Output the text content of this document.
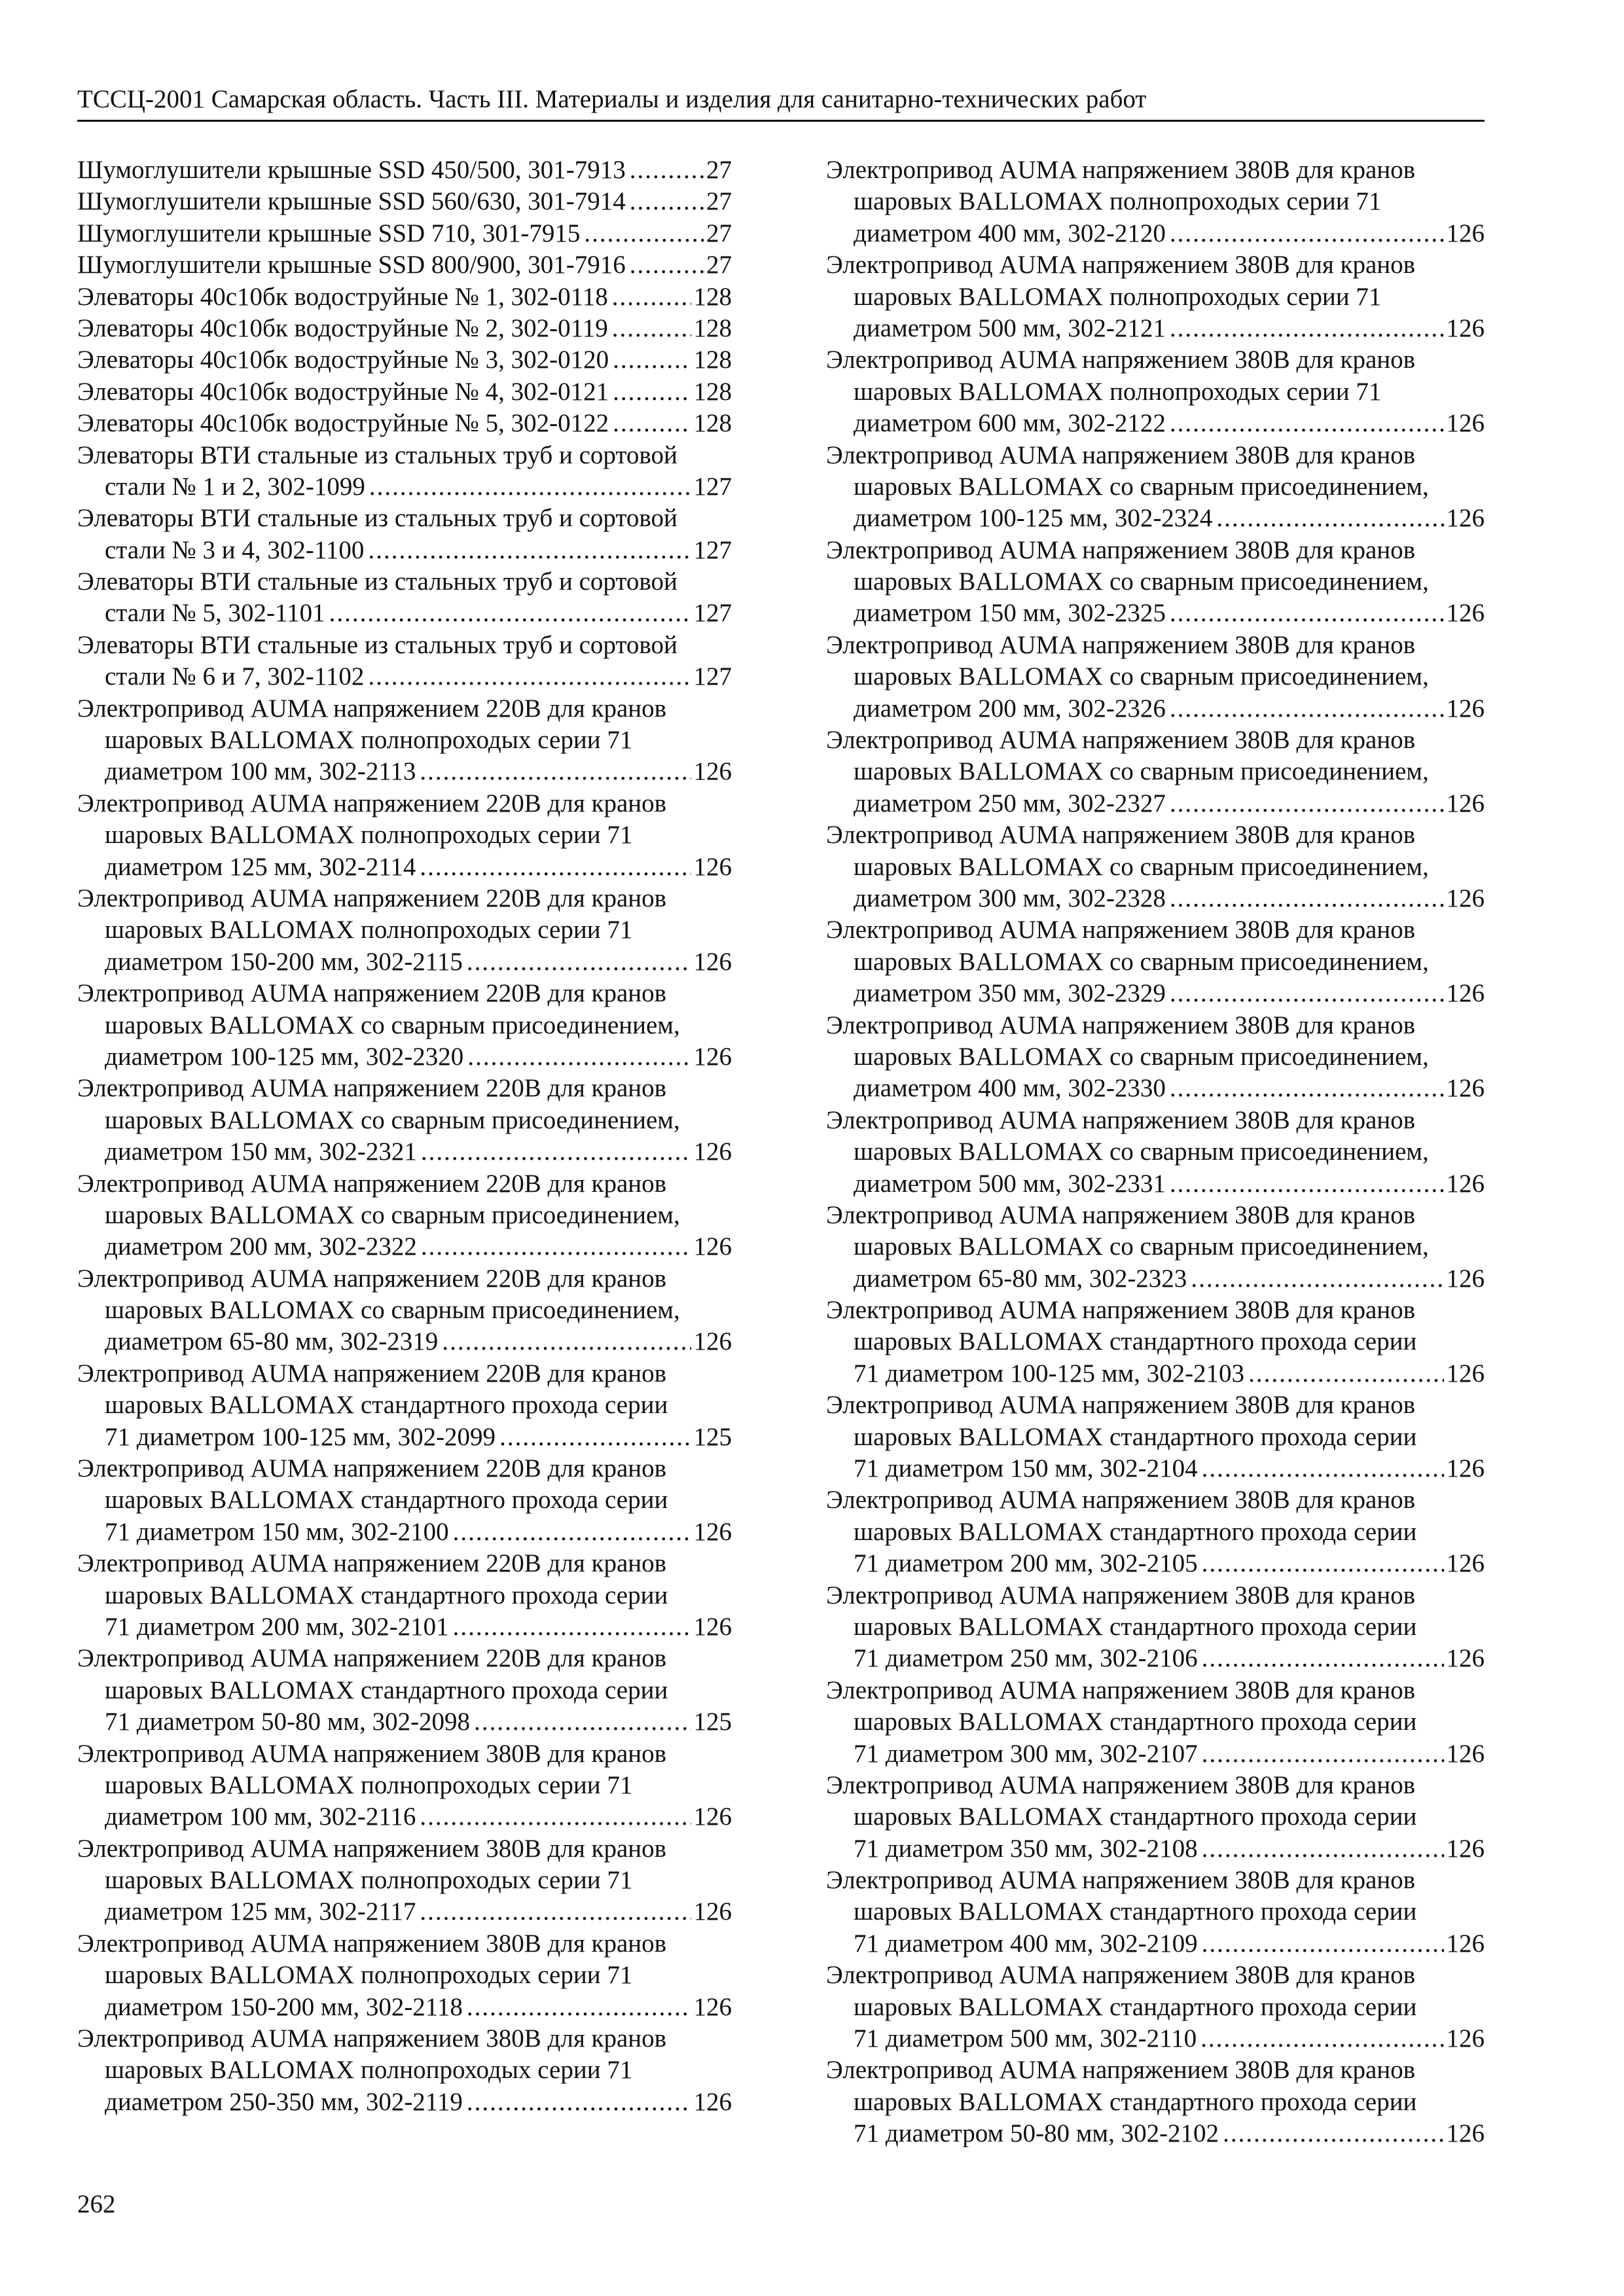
ТССЦ-2001 Самарская область. Часть III. Материалы и изделия для санитарно-технических работ
Шумоглушители крышные SSD 450/500, 301-7913 .....	27
Шумоглушители крышные SSD 560/630, 301-7914 .....	27
Шумоглушители крышные SSD 710, 301-7915 .....	27
Шумоглушители крышные SSD 800/900, 301-7916 .....	27
Элеваторы 40с10бк водоструйные № 1, 302-0118 .....	128
Элеваторы 40с10бк водоструйные № 2, 302-0119 .....	128
Элеваторы 40с10бк водоструйные № 3, 302-0120 .....	128
Элеваторы 40с10бк водоструйные № 4, 302-0121 .....	128
Элеваторы 40с10бк водоструйные № 5, 302-0122 .....	128
Элеваторы ВТИ стальные из стальных труб и сортовой
стали № 1 и 2, 302-1099 .....	127
Элеваторы ВТИ стальные из стальных труб и сортовой
стали № 3 и 4, 302-1100 .....	127
Элеваторы ВТИ стальные из стальных труб и сортовой
стали № 5, 302-1101 .....	127
Элеваторы ВТИ стальные из стальных труб и сортовой
стали № 6 и 7, 302-1102 .....	127
Электропривод AUMA напряжением 220В для кранов
шаровых BALLOMAX полнопроходых серии 71
диаметром 100 мм, 302-2113 .....	126
Электропривод AUMA напряжением 220В для кранов
шаровых BALLOMAX полнопроходых серии 71
диаметром 125 мм, 302-2114 .....	126
Электропривод AUMA напряжением 220В для кранов
шаровых BALLOMAX полнопроходых серии 71
диаметром 150-200 мм, 302-2115 .....	126
Электропривод AUMA напряжением 220В для кранов
шаровых BALLOMAX со сварным присоединением,
диаметром 100-125 мм, 302-2320 .....	126
Электропривод AUMA напряжением 220В для кранов
шаровых BALLOMAX со сварным присоединением,
диаметром 150 мм, 302-2321 .....	126
Электропривод AUMA напряжением 220В для кранов
шаровых BALLOMAX со сварным присоединением,
диаметром 200 мм, 302-2322 .....	126
Электропривод AUMA напряжением 220В для кранов
шаровых BALLOMAX со сварным присоединением,
диаметром 65-80 мм, 302-2319 .....	126
Электропривод AUMA напряжением 220В для кранов
шаровых BALLOMAX стандартного прохода серии
71 диаметром 100-125 мм, 302-2099 .....	125
Электропривод AUMA напряжением 220В для кранов
шаровых BALLOMAX стандартного прохода серии
71 диаметром 150 мм, 302-2100 .....	126
Электропривод AUMA напряжением 220В для кранов
шаровых BALLOMAX стандартного прохода серии
71 диаметром 200 мм, 302-2101 .....	126
Электропривод AUMA напряжением 220В для кранов
шаровых BALLOMAX стандартного прохода серии
71 диаметром 50-80 мм, 302-2098 .....	125
Электропривод AUMA напряжением 380В для кранов
шаровых BALLOMAX полнопроходых серии 71
диаметром 100 мм, 302-2116 .....	126
Электропривод AUMA напряжением 380В для кранов
шаровых BALLOMAX полнопроходых серии 71
диаметром 125 мм, 302-2117 .....	126
Электропривод AUMA напряжением 380В для кранов
шаровых BALLOMAX полнопроходых серии 71
диаметром 150-200 мм, 302-2118 .....	126
Электропривод AUMA напряжением 380В для кранов
шаровых BALLOMAX полнопроходых серии 71
диаметром 250-350 мм, 302-2119 .....	126
Электропривод AUMA напряжением 380В для кранов
шаровых BALLOMAX полнопроходых серии 71
диаметром 400 мм, 302-2120 .....	126
Электропривод AUMA напряжением 380В для кранов
шаровых BALLOMAX полнопроходых серии 71
диаметром 500 мм, 302-2121 .....	126
Электропривод AUMA напряжением 380В для кранов
шаровых BALLOMAX полнопроходых серии 71
диаметром 600 мм, 302-2122 .....	126
Электропривод AUMA напряжением 380В для кранов
шаровых BALLOMAX со сварным присоединением,
диаметром 100-125 мм, 302-2324 .....	126
Электропривод AUMA напряжением 380В для кранов
шаровых BALLOMAX со сварным присоединением,
диаметром 150 мм, 302-2325 .....	126
Электропривод AUMA напряжением 380В для кранов
шаровых BALLOMAX со сварным присоединением,
диаметром 200 мм, 302-2326 .....	126
Электропривод AUMA напряжением 380В для кранов
шаровых BALLOMAX со сварным присоединением,
диаметром 250 мм, 302-2327 .....	126
Электропривод AUMA напряжением 380В для кранов
шаровых BALLOMAX со сварным присоединением,
диаметром 300 мм, 302-2328 .....	126
Электропривод AUMA напряжением 380В для кранов
шаровых BALLOMAX со сварным присоединением,
диаметром 350 мм, 302-2329 .....	126
Электропривод AUMA напряжением 380В для кранов
шаровых BALLOMAX со сварным присоединением,
диаметром 400 мм, 302-2330 .....	126
Электропривод AUMA напряжением 380В для кранов
шаровых BALLOMAX со сварным присоединением,
диаметром 500 мм, 302-2331 .....	126
Электропривод AUMA напряжением 380В для кранов
шаровых BALLOMAX со сварным присоединением,
диаметром 65-80 мм, 302-2323 .....	126
Электропривод AUMA напряжением 380В для кранов
шаровых BALLOMAX стандартного прохода серии
71 диаметром 100-125 мм, 302-2103 .....	126
Электропривод AUMA напряжением 380В для кранов
шаровых BALLOMAX стандартного прохода серии
71 диаметром 150 мм, 302-2104 .....	126
Электропривод AUMA напряжением 380В для кранов
шаровых BALLOMAX стандартного прохода серии
71 диаметром 200 мм, 302-2105 .....	126
Электропривод AUMA напряжением 380В для кранов
шаровых BALLOMAX стандартного прохода серии
71 диаметром 250 мм, 302-2106 .....	126
Электропривод AUMA напряжением 380В для кранов
шаровых BALLOMAX стандартного прохода серии
71 диаметром 300 мм, 302-2107 .....	126
Электропривод AUMA напряжением 380В для кранов
шаровых BALLOMAX стандартного прохода серии
71 диаметром 350 мм, 302-2108 .....	126
Электропривод AUMA напряжением 380В для кранов
шаровых BALLOMAX стандартного прохода серии
71 диаметром 400 мм, 302-2109 .....	126
Электропривод AUMA напряжением 380В для кранов
шаровых BALLOMAX стандартного прохода серии
71 диаметром 500 мм, 302-2110 .....	126
Электропривод AUMA напряжением 380В для кранов
шаровых BALLOMAX стандартного прохода серии
71 диаметром 50-80 мм, 302-2102 .....	126
262
